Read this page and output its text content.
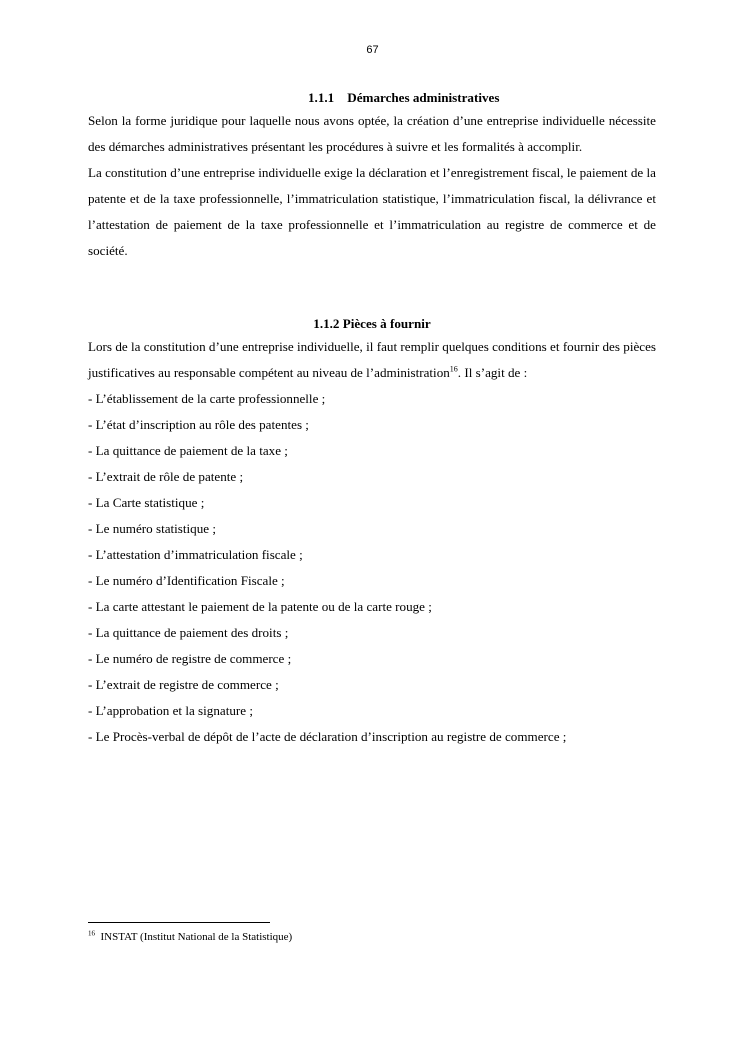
67
1.1.1 Démarches administratives

Selon la forme juridique pour laquelle nous avons optée, la création d’une entreprise individuelle nécessite des démarches administratives présentant les procédures à suivre et les formalités à accomplir.

La constitution d’une entreprise individuelle exige la déclaration et l’enregistrement fiscal, le paiement de la patente et de la taxe professionnelle, l’immatriculation statistique, l’immatriculation fiscal, la délivrance et l’attestation de paiement de la taxe professionnelle et l’immatriculation au registre de commerce et de société.

1.1.2 Pièces à fournir

Lors de la constitution d’une entreprise individuelle, il faut remplir quelques conditions et fournir des pièces justificatives au responsable compétent au niveau de l’administration$^{16}$. Il s’agit de :

- L’établissement de la carte professionnelle ;
- L’état d’inscription au rôle des patentes ;
- La quittance de paiement de la taxe ;
- L’extrait de rôle de patente ;
- La Carte statistique ;
- Le numéro statistique ;
- L’attestation d’immatriculation fiscale ;
- Le numéro d’Identification Fiscale ;
- La carte attestant le paiement de la patente ou de la carte rouge ;
- La quittance de paiement des droits ;
- Le numéro de registre de commerce ;
- L’extrait de registre de commerce ;
- L’approbation et la signature ;
- Le Procès-verbal de dépôt de l’acte de déclaration d’inscription au registre de commerce ;
$^{16}$ INSTAT (Institut National de la Statistique)
